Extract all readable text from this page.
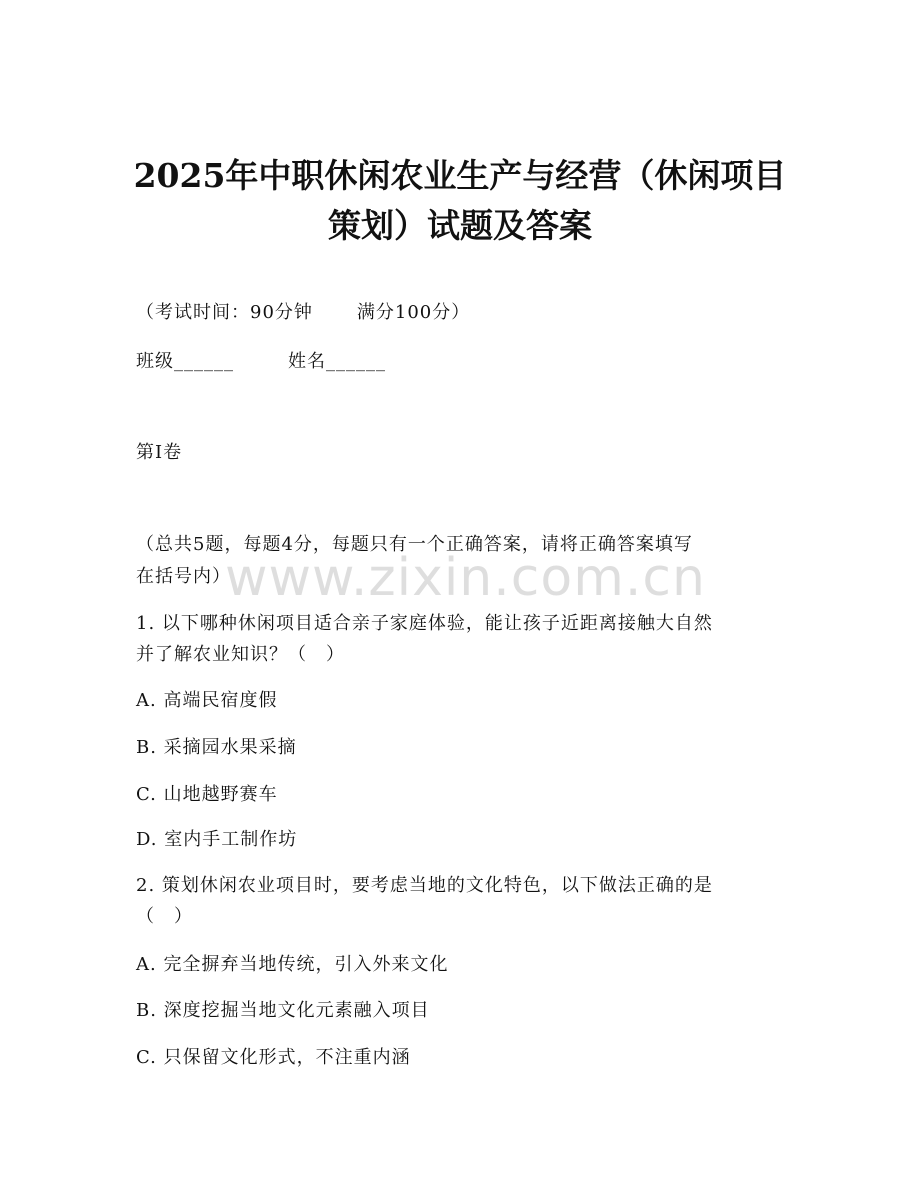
2025年中职休闲农业生产与经营（休闲项目
策划）试题及答案
（考试时间：90分钟 满分100分）
班级______	姓名______
第I卷
（总共5题，每题4分，每题只有一个正确答案，请将正确答案填写
在括号内）
1. 以下哪种休闲项目适合亲子家庭体验，能让孩子近距离接触大自然
并了解农业知识？（　）
A. 高端民宿度假
B. 采摘园水果采摘
C. 山地越野赛车
D. 室内手工制作坊
2. 策划休闲农业项目时，要考虑当地的文化特色，以下做法正确的是
（　）
A. 完全摒弃当地传统，引入外来文化
B. 深度挖掘当地文化元素融入项目
C. 只保留文化形式，不注重内涵
www.zixin.com.cn
